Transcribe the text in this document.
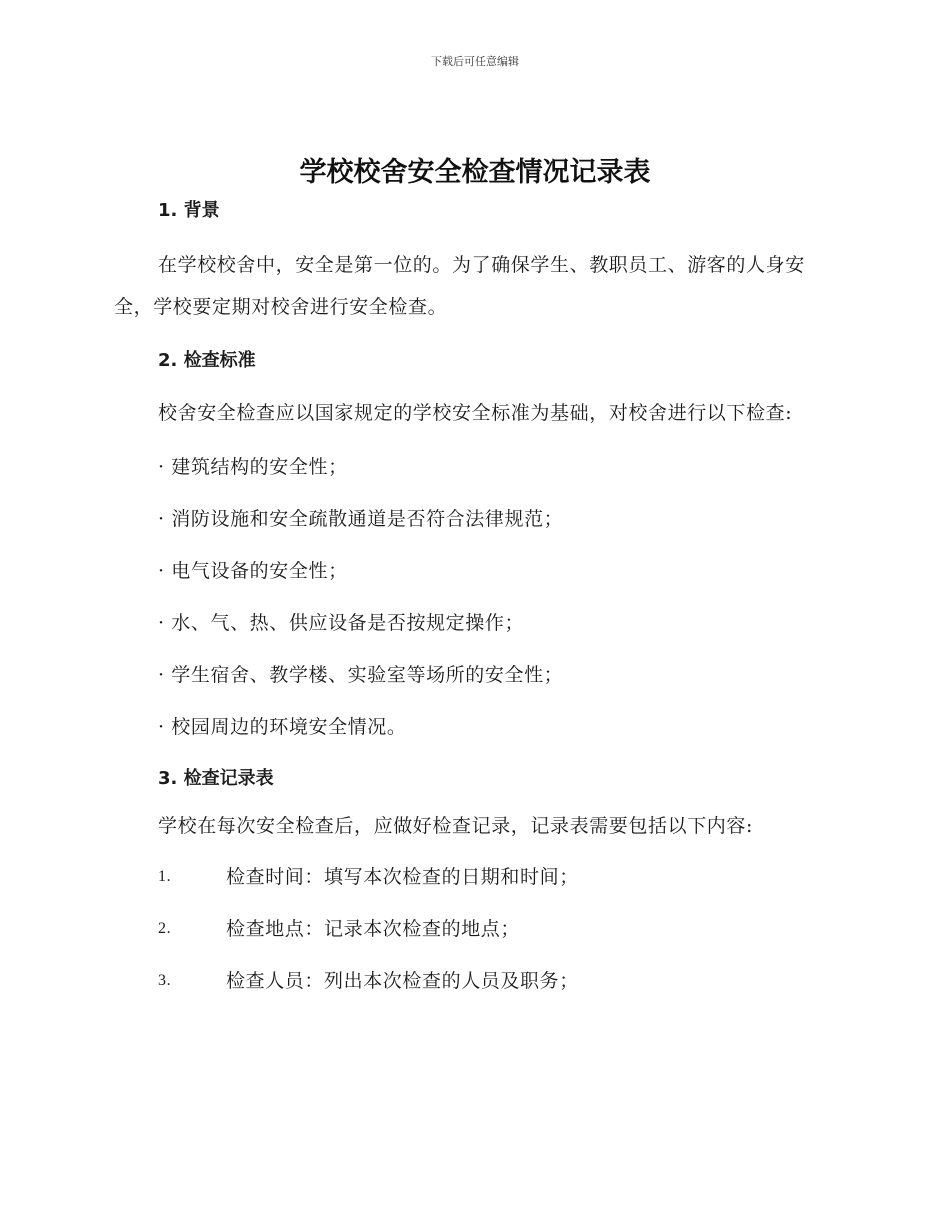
下载后可任意编辑
学校校舍安全检查情况记录表
1. 背景

在学校校舍中，安全是第一位的。为了确保学生、教职员工、游客的人身安全，学校要定期对校舍进行安全检查。

2. 检查标准

校舍安全检查应以国家规定的学校安全标准为基础，对校舍进行以下检查:

· 建筑结构的安全性；
· 消防设施和安全疏散通道是否符合法律规范；
· 电气设备的安全性；
· 水、气、热、供应设备是否按规定操作；
· 学生宿舍、教学楼、实验室等场所的安全性；
· 校园周边的环境安全情况。
3. 检查记录表

学校在每次安全检查后，应做好检查记录，记录表需要包括以下内容:

1.	检查时间：填写本次检查的日期和时间；
2.	检查地点：记录本次检查的地点；
3.	检查人员：列出本次检查的人员及职务；
